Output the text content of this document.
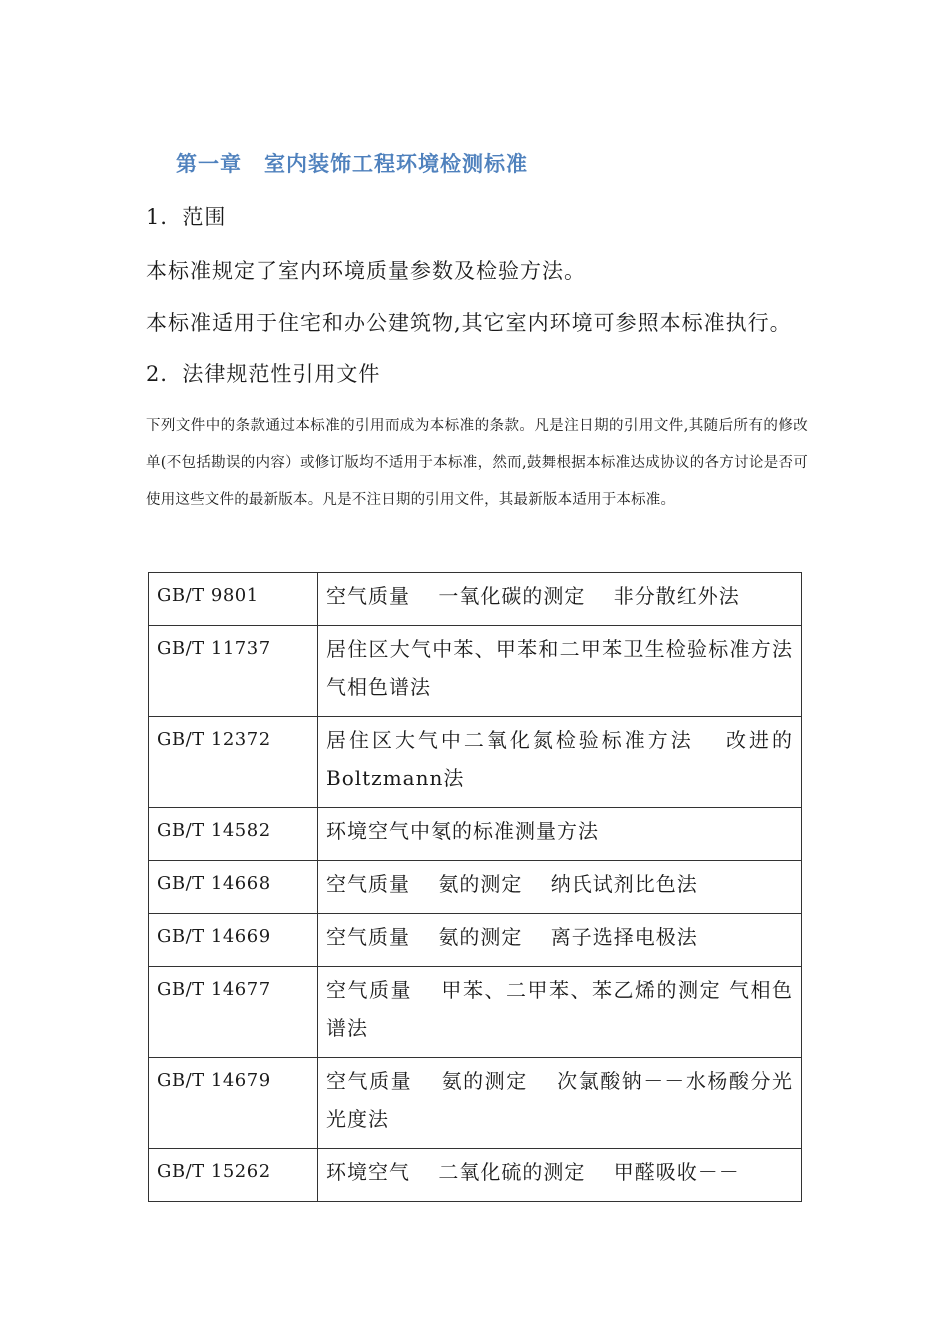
第一章　室内装饰工程环境检测标准
1．范围
本标准规定了室内环境质量参数及检验方法。
本标准适用于住宅和办公建筑物,其它室内环境可参照本标准执行。
2．法律规范性引用文件
下列文件中的条款通过本标准的引用而成为本标准的条款。凡是注日期的引用文件,其随后所有的修改单(不包括勘误的内容）或修订版均不适用于本标准，然而,鼓舞根据本标准达成协议的各方讨论是否可使用这些文件的最新版本。凡是不注日期的引用文件，其最新版本适用于本标准。
GB/T 9801	空气质量　 一氧化碳的测定　 非分散红外法
GB/T 11737	居住区大气中苯、甲苯和二甲苯卫生检验标准方法 气相色谱法
GB/T 12372	居住区大气中二氧化氮检验标准方法　 改进的Boltzmann法
GB/T 14582	环境空气中氡的标准测量方法
GB/T 14668	空气质量　 氨的测定　 纳氏试剂比色法
GB/T 14669	空气质量　 氨的测定　 离子选择电极法
GB/T 14677	空气质量　 甲苯、二甲苯、苯乙烯的测定 气相色谱法
GB/T 14679	空气质量　 氨的测定　 次氯酸钠－－水杨酸分光光度法
GB/T 15262	环境空气　 二氧化硫的测定　 甲醛吸收－－
